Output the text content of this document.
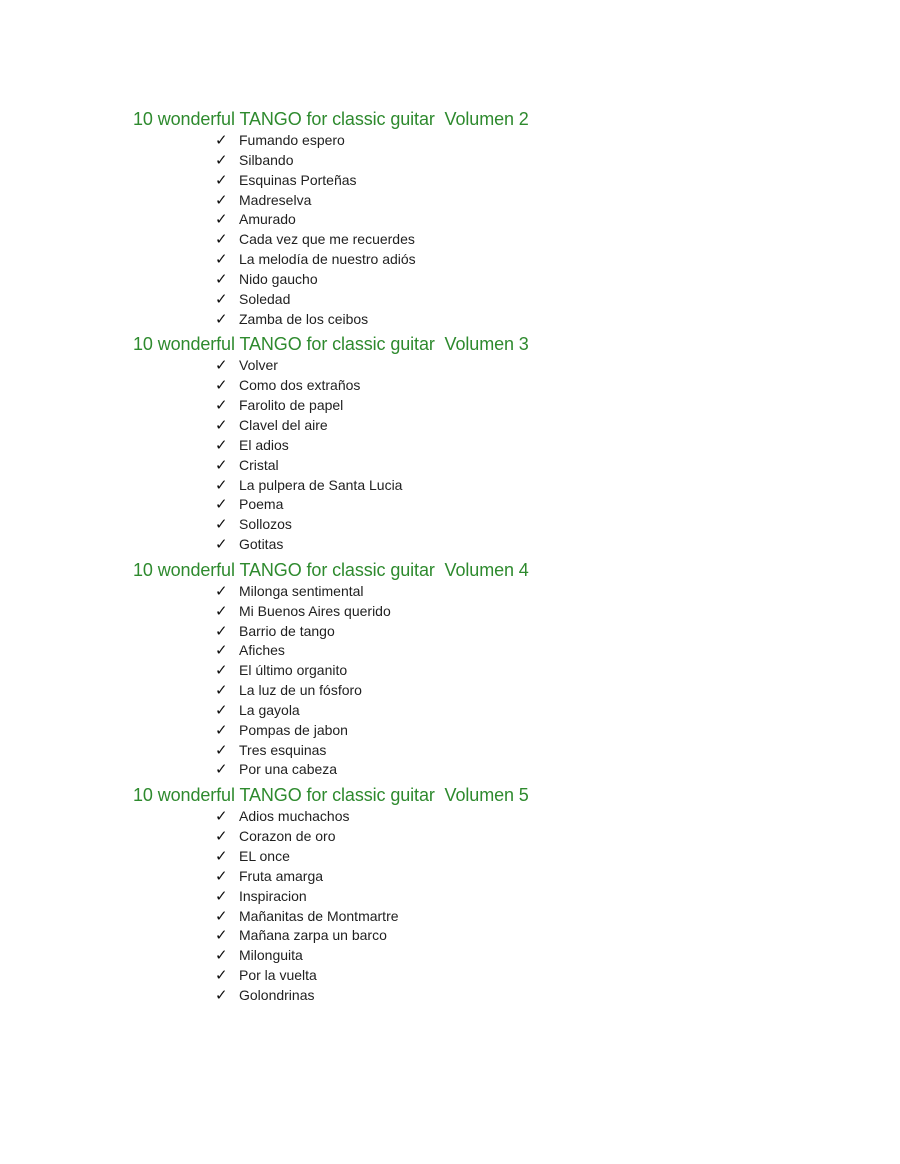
10 wonderful TANGO for classic guitar  Volumen 2
✓ Fumando espero
✓ Silbando
✓ Esquinas Porteñas
✓ Madreselva
✓ Amurado
✓ Cada vez que me recuerdes
✓ La melodía de nuestro adiós
✓ Nido gaucho
✓ Soledad
✓ Zamba de los ceibos
10 wonderful TANGO for classic guitar  Volumen 3
✓ Volver
✓ Como dos extraños
✓ Farolito de papel
✓ Clavel del aire
✓ El adios
✓ Cristal
✓ La pulpera de Santa Lucia
✓ Poema
✓ Sollozos
✓ Gotitas
10 wonderful TANGO for classic guitar  Volumen 4
✓ Milonga sentimental
✓ Mi Buenos Aires querido
✓ Barrio de tango
✓ Afiches
✓ El último organito
✓ La luz de un fósforo
✓ La gayola
✓ Pompas de jabon
✓ Tres esquinas
✓ Por una cabeza
10 wonderful TANGO for classic guitar  Volumen 5
✓ Adios muchachos
✓ Corazon de oro
✓ EL once
✓ Fruta amarga
✓ Inspiracion
✓ Mañanitas de Montmartre
✓ Mañana zarpa un barco
✓ Milonguita
✓ Por la vuelta
✓ Golondrinas
